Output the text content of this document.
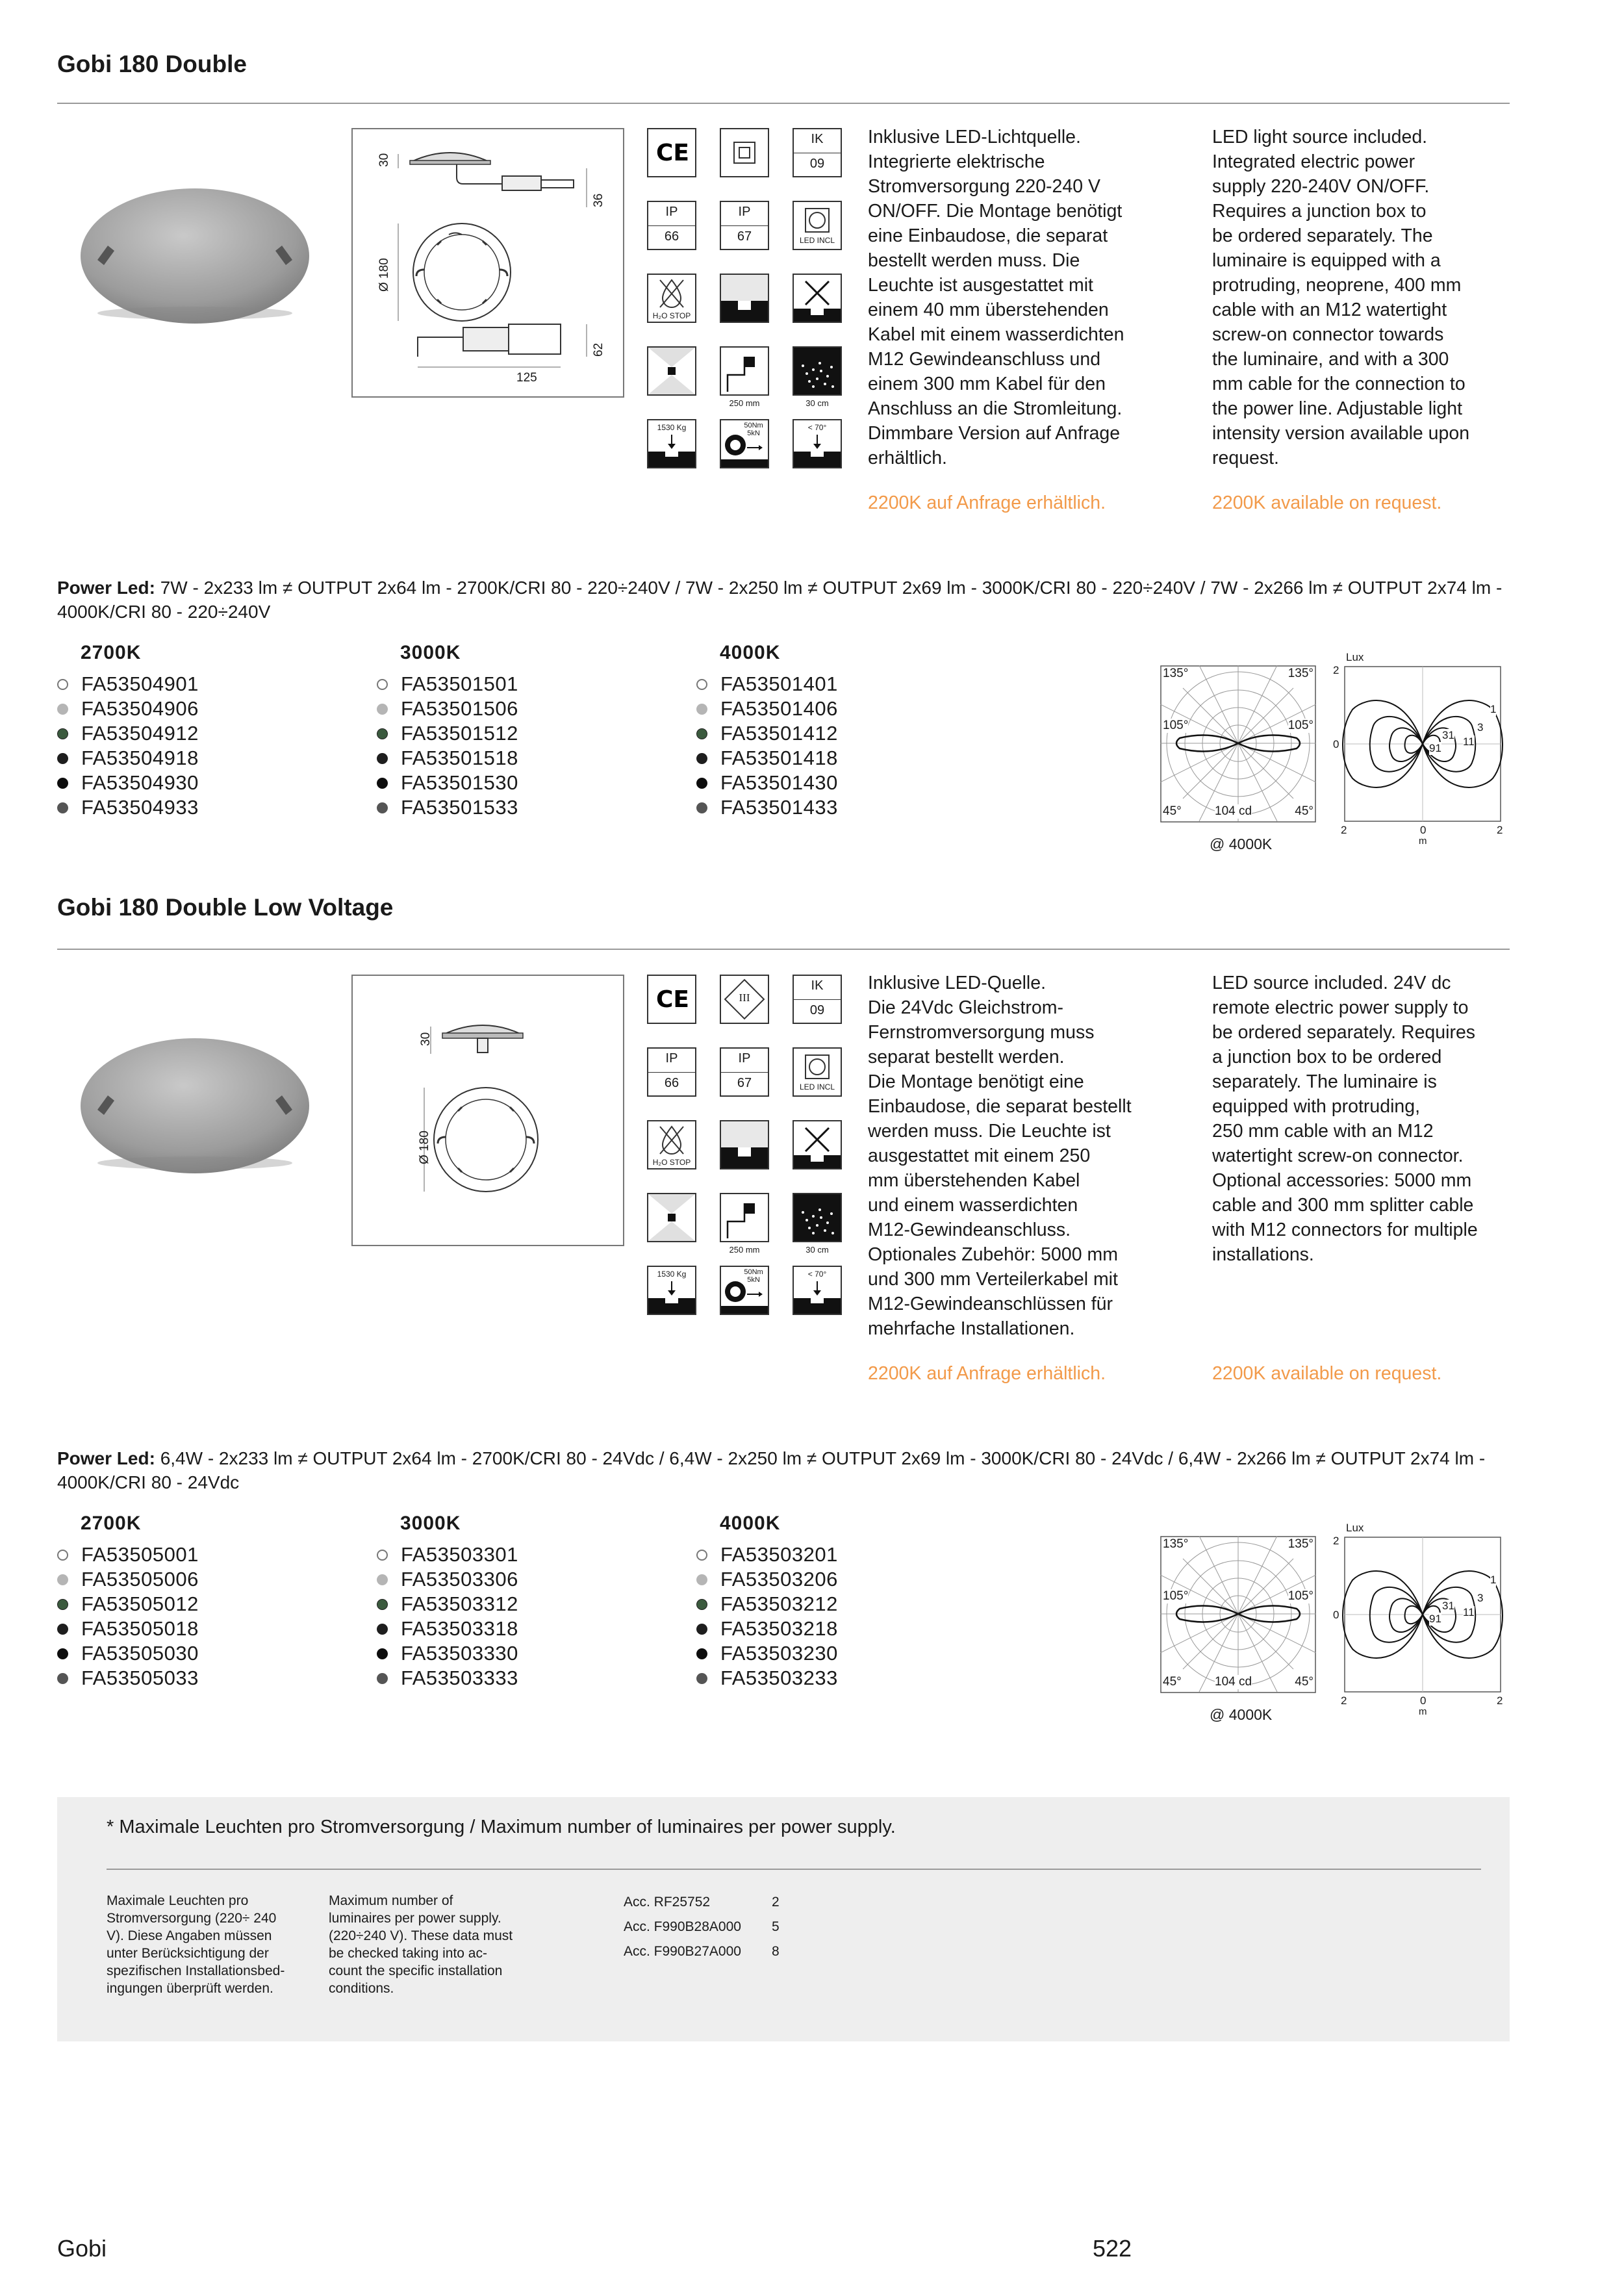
Gobi 180 Double
30
36
Ø 180
62
125
CE
IK
09
IP
66
IP
67	LED INCL
H₂O STOP
250 mm	30 cm
1530 Kg	50Nm
5kN
< 70°
Inklusive LED-Lichtquelle.
Integrierte elektrische
Stromversorgung 220-240 V
ON/OFF. Die Montage benötigt
eine Einbaudose, die separat
bestellt werden muss. Die
Leuchte ist ausgestattet mit
einem 40 mm überstehenden
Kabel mit einem wasserdichten
M12 Gewindeanschluss und
einem 300 mm Kabel für den
Anschluss an die Stromleitung.
Dimmbare Version auf Anfrage
erhältlich.
LED light source included.
Integrated electric power
supply 220-240V ON/OFF.
Requires a junction box to
be ordered separately. The
luminaire is equipped with a
protruding, neoprene, 400 mm
cable with an M12 watertight
screw-on connector towards
the luminaire, and with a 300
mm cable for the connection to
the power line. Adjustable light
intensity version available upon
request.
2200K auf Anfrage erhältlich.	2200K available on request.
Power Led: 7W - 2x233 lm ≠ OUTPUT 2x64 lm - 2700K/CRI 80 - 220÷240V / 7W - 2x250 lm ≠ OUTPUT 2x69 lm - 3000K/CRI 80 - 220÷240V / 7W - 2x266 lm ≠ OUTPUT 2x74 lm - 4000K/CRI 80 - 220÷240V
2700K
FA53504901
FA53504906
FA53504912
FA53504918
FA53504930
FA53504933
3000K
FA53501501
FA53501506
FA53501512
FA53501518
FA53501530
FA53501533
4000K
FA53501401
FA53501406
FA53501412
FA53501418
FA53501430
FA53501433
135°	135°
105°	105°
45°	104 cd	45°
@ 4000K
Lux
2
0
2	0	2
m
1
3
11
31
91
Gobi 180 Double Low Voltage
30
Ø 180
CE	III
IK
09
IP
66
IP
67	LED INCL
H₂O STOP
250 mm	30 cm
1530 Kg	50Nm
5kN
< 70°
Inklusive LED-Quelle.
Die 24Vdc Gleichstrom-
Fernstromversorgung muss
separat bestellt werden.
Die Montage benötigt eine
Einbaudose, die separat bestellt
werden muss. Die Leuchte ist
ausgestattet mit einem 250
mm überstehenden Kabel
und einem wasserdichten
M12-Gewindeanschluss.
Optionales Zubehör: 5000 mm
und 300 mm Verteilerkabel mit
M12-Gewindeanschlüssen für
mehrfache Installationen.
LED source included. 24V dc
remote electric power supply to
be ordered separately. Requires
a junction box to be ordered
separately. The luminaire is
equipped with protruding,
250 mm cable with an M12
watertight screw-on connector.
Optional accessories: 5000 mm
cable and 300 mm splitter cable
with M12 connectors for multiple
installations.
2200K auf Anfrage erhältlich.	2200K available on request.
Power Led: 6,4W - 2x233 lm ≠ OUTPUT 2x64 lm - 2700K/CRI 80 - 24Vdc / 6,4W - 2x250 lm ≠ OUTPUT 2x69 lm - 3000K/CRI 80 - 24Vdc / 6,4W - 2x266 lm ≠ OUTPUT 2x74 lm - 4000K/CRI 80 - 24Vdc
2700K
FA53505001
FA53505006
FA53505012
FA53505018
FA53505030
FA53505033
3000K
FA53503301
FA53503306
FA53503312
FA53503318
FA53503330
FA53503333
4000K
FA53503201
FA53503206
FA53503212
FA53503218
FA53503230
FA53503233
135°	135°
105°	105°
45°	104 cd	45°
@ 4000K
Lux
2
0
2	0	2
m
1
3
11
31
91
* Maximale Leuchten pro Stromversorgung / Maximum number of luminaires per power supply.
Maximale Leuchten pro
Stromversorgung (220÷ 240
V). Diese Angaben müssen
unter Berücksichtigung der
spezifischen Installationsbed-
ingungen überprüft werden.
Maximum number of
luminaires per power supply.
(220÷240 V). These data must
be checked taking into ac-
count the specific installation
conditions.
Acc. RF25752	2
Acc. F990B28A000	5
Acc. F990B27A000	8
Gobi	522
